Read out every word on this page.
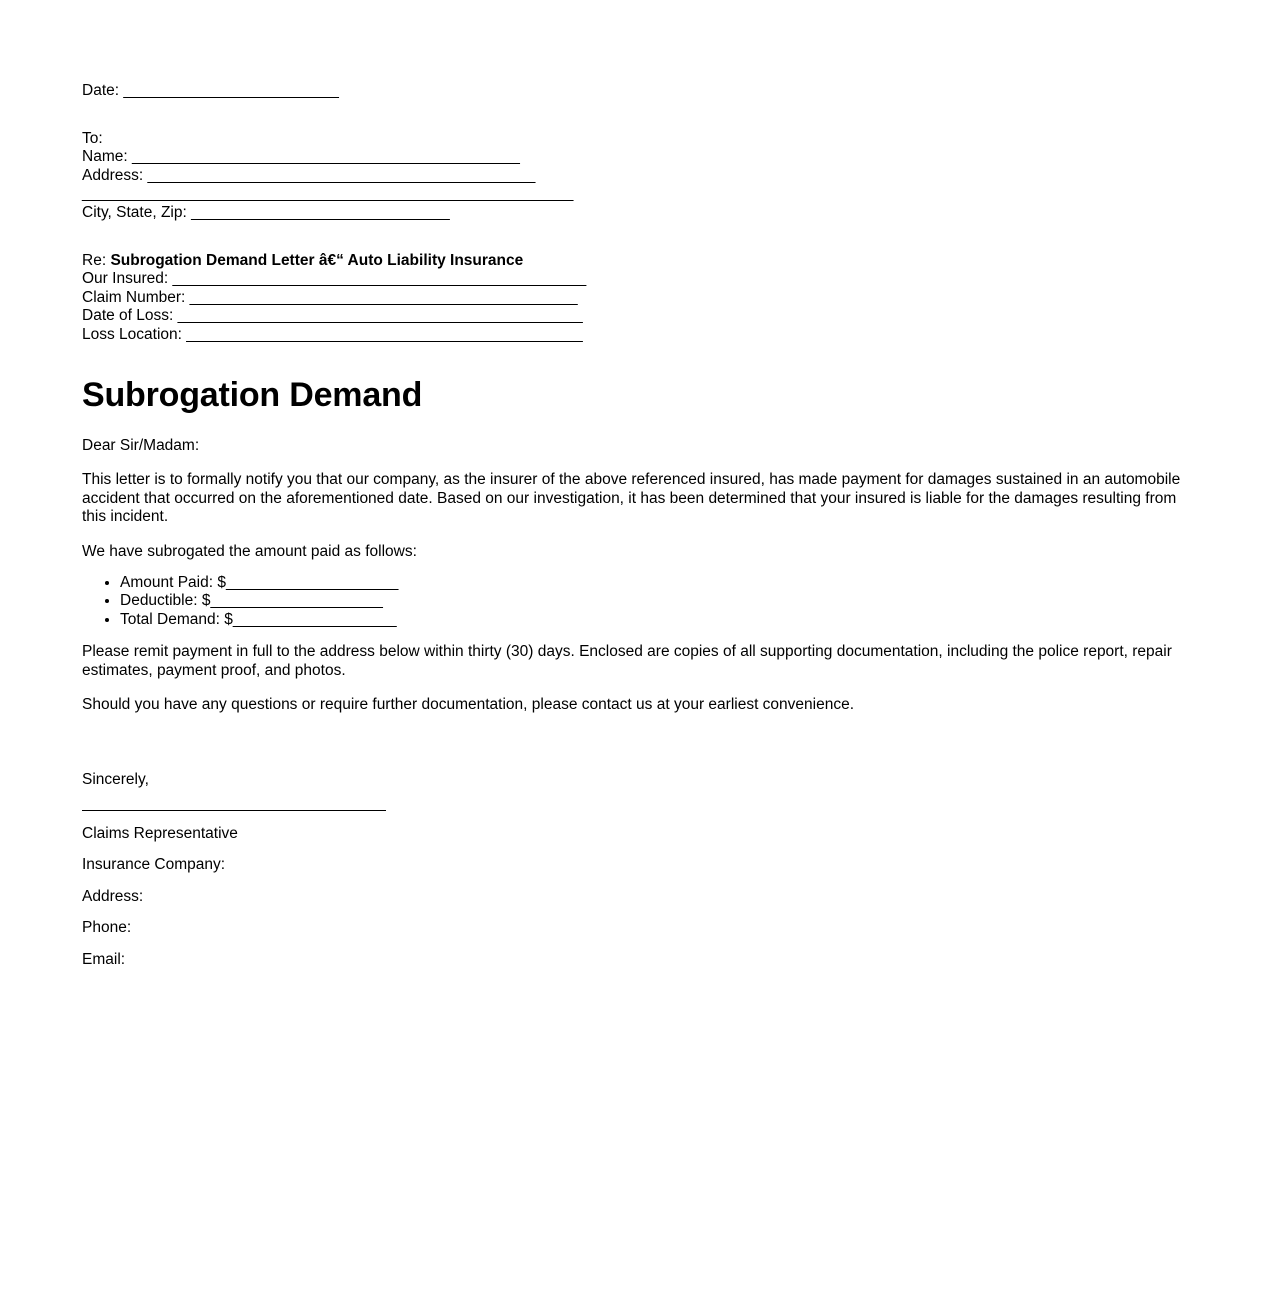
Date: _________________________
To:
Name: _____________________________________________
Address: _____________________________________________
_________________________________________________________
City, State, Zip: ______________________________
Re: Subrogation Demand Letter â€“ Auto Liability Insurance
Our Insured: ________________________________________________
Claim Number: _____________________________________________
Date of Loss: _______________________________________________
Loss Location: ______________________________________________
Subrogation Demand

Dear Sir/Madam:

This letter is to formally notify you that our company, as the insurer of the above referenced insured, has made payment for damages sustained in an automobile accident that occurred on the aforementioned date. Based on our investigation, it has been determined that your insured is liable for the damages resulting from this incident.

We have subrogated the amount paid as follows:

• Amount Paid: $____________________
• Deductible: $____________________
• Total Demand: $___________________

Please remit payment in full to the address below within thirty (30) days. Enclosed are copies of all supporting documentation, including the police report, repair estimates, payment proof, and photos.

Should you have any questions or require further documentation, please contact us at your earliest convenience.

Sincerely,

Claims Representative

Insurance Company:

Address:

Phone:

Email:
